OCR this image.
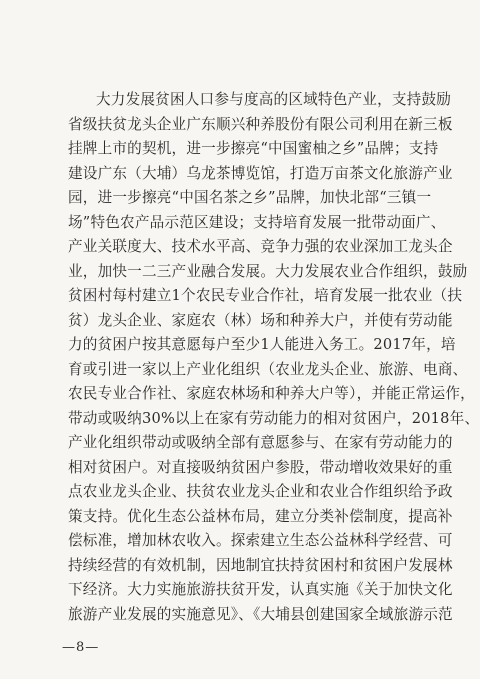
大力发展贫困人口参与度高的区域特色产业，支持鼓励
省级扶贫龙头企业广东顺兴种养股份有限公司利用在新三板
挂牌上市的契机，进一步擦亮“中国蜜柚之乡”品牌；支持
建设广东（大埔）乌龙茶博览馆，打造万亩茶文化旅游产业
园，进一步擦亮“中国名茶之乡”品牌，加快北部“三镇一
场”特色农产品示范区建设；支持培育发展一批带动面广、
产业关联度大、技术水平高、竞争力强的农业深加工龙头企
业，加快一二三产业融合发展。大力发展农业合作组织，鼓励
贫困村每村建立1个农民专业合作社，培育发展一批农业（扶
贫）龙头企业、家庭农（林）场和种养大户，并使有劳动能
力的贫困户按其意愿每户至少1人能进入务工。2017年，培
育或引进一家以上产业化组织（农业龙头企业、旅游、电商、
农民专业合作社、家庭农林场和种养大户等），并能正常运作，
带动或吸纳30%以上在家有劳动能力的相对贫困户，2018年、
产业化组织带动或吸纳全部有意愿参与、在家有劳动能力的
相对贫困户。对直接吸纳贫困户参股，带动增收效果好的重
点农业龙头企业、扶贫农业龙头企业和农业合作组织给予政
策支持。优化生态公益林布局，建立分类补偿制度，提高补
偿标准，增加林农收入。探索建立生态公益林科学经营、可
持续经营的有效机制，因地制宜扶持贫困村和贫困户发展林
下经济。大力实施旅游扶贫开发，认真实施《关于加快文化
旅游产业发展的实施意见》、《大埔县创建国家全域旅游示范
—8—
